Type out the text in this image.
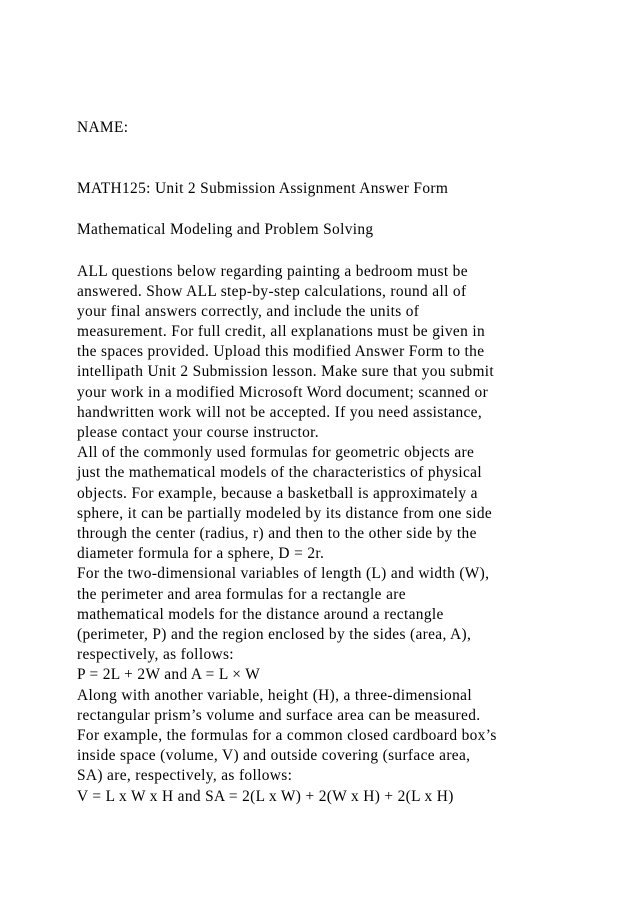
NAME:

MATH125: Unit 2 Submission Assignment Answer Form

Mathematical Modeling and Problem Solving

ALL questions below regarding painting a bedroom must be

answered. Show ALL step-by-step calculations, round all of

your final answers correctly, and include the units of

measurement. For full credit, all explanations must be given in

the spaces provided. Upload this modified Answer Form to the

intellipath Unit 2 Submission lesson. Make sure that you submit

your work in a modified Microsoft Word document; scanned or

handwritten work will not be accepted. If you need assistance,

please contact your course instructor.

All of the commonly used formulas for geometric objects are

just the mathematical models of the characteristics of physical

objects. For example, because a basketball is approximately a

sphere, it can be partially modeled by its distance from one side

through the center (radius, r) and then to the other side by the

diameter formula for a sphere, D = 2r.

For the two-dimensional variables of length (L) and width (W),

the perimeter and area formulas for a rectangle are

mathematical models for the distance around a rectangle

(perimeter, P) and the region enclosed by the sides (area, A),

respectively, as follows:

P = 2L + 2W and A = L × W

Along with another variable, height (H), a three-dimensional

rectangular prism’s volume and surface area can be measured.

For example, the formulas for a common closed cardboard box’s

inside space (volume, V) and outside covering (surface area,

SA) are, respectively, as follows:

V = L x W x H and SA = 2(L x W) + 2(W x H) + 2(L x H)
